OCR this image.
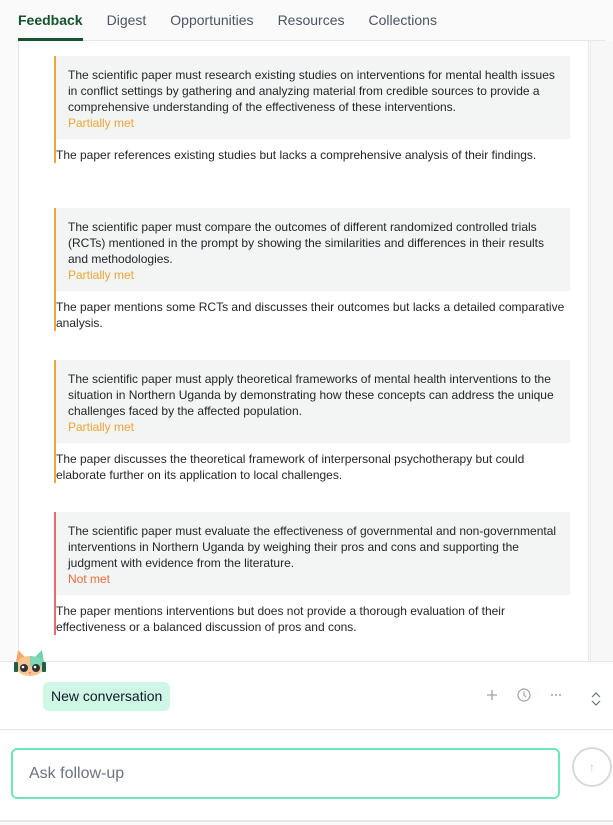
Feedback	Digest	Opportunities	Resources	Collections
The scientific paper must research existing studies on interventions for mental health issues in conflict settings by gathering and analyzing material from credible sources to provide a comprehensive understanding of the effectiveness of these interventions.
Partially met
The paper references existing studies but lacks a comprehensive analysis of their findings.
The scientific paper must compare the outcomes of different randomized controlled trials (RCTs) mentioned in the prompt by showing the similarities and differences in their results and methodologies.
Partially met
The paper mentions some RCTs and discusses their outcomes but lacks a detailed comparative analysis.
The scientific paper must apply theoretical frameworks of mental health interventions to the situation in Northern Uganda by demonstrating how these concepts can address the unique challenges faced by the affected population.
Partially met
The paper discusses the theoretical framework of interpersonal psychotherapy but could elaborate further on its application to local challenges.
The scientific paper must evaluate the effectiveness of governmental and non-governmental interventions in Northern Uganda by weighing their pros and cons and supporting the judgment with evidence from the literature.
Not met
The paper mentions interventions but does not provide a thorough evaluation of their effectiveness or a balanced discussion of pros and cons.
New conversation
Ask follow-up
↑
